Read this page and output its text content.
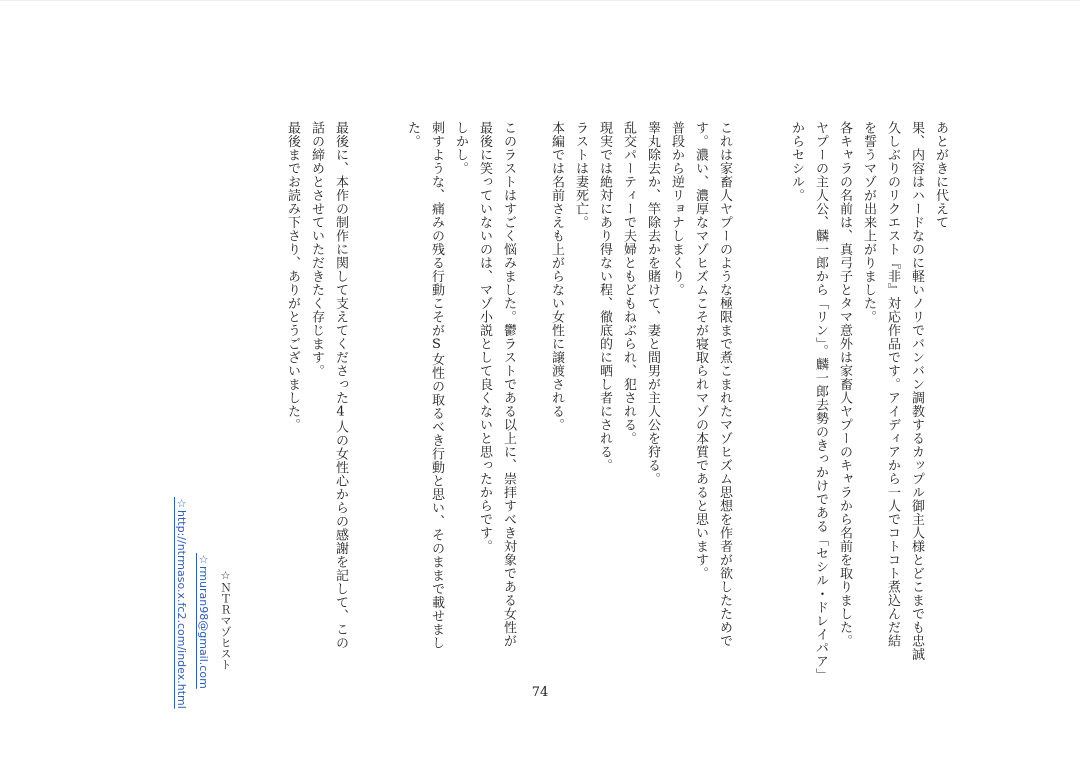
あとがきに代えて
久しぶりのリクエスト『非』対応作品です。アイディアから一人でコトコト煮込んだ結 果、内容はハードなのに軽いノリでバンバン調教するカップル御主人様とどこまでも忠誠
を誓うマゾが出来上がりました。
各キャラの名前は、真弓子とタマ意外は家畜人ヤプーのキャラから名前を取りました。
ヤプーの主人公、麟一郎から「リン」。麟一郎去勢のきっかけである「セシル・ドレイパア」
からセシル。
これは家畜人ヤプーのような極限まで煮こまれたマゾヒズム思想を作者が欲したためで
す。濃い、濃厚なマゾヒズムこそが寝取られマゾの本質であると思います。
普段から逆リョナしまくり。
睾丸除去か、竿除去かを賭けて、妻と間男が主人公を狩る。
乱交パーティーで夫婦ともどもねぶられ、犯される。
現実では絶対にあり得ない程、徹底的に晒し者にされる。
ラストは妻死亡。
本編では名前さえも上がらない女性に譲渡される。
このラストはすごく悩みました。鬱ラストである以上に、崇拝すべき対象である女性が
最後に笑っていないのは、マゾ小説として良くないと思ったからです。
しかし。
刺すような、痛みの残る行動こそがS女性の取るべき行動と思い、そのままで載せまし
た。
最後に、本作の制作に関して支えてくださった4人の女性心からの感謝を記して、この
話の締めとさせていただきたく存じます。
最後までお読み下さり、ありがとうございました。
☆ＮＴＲマゾヒスト
☆rmuran98@gmail.com
☆http://ntrmaso.x.fc2.com/index.html	74
